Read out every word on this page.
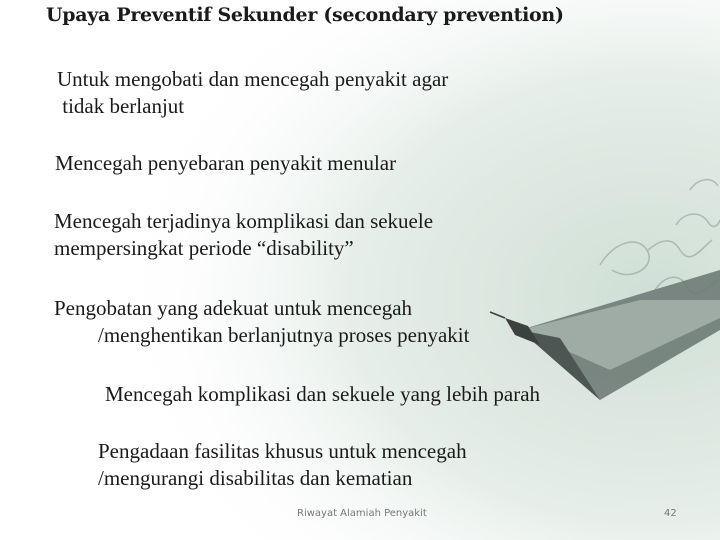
Upaya Preventif Sekunder (secondary prevention)
Untuk mengobati dan mencegah penyakit agar
tidak berlanjut
Mencegah penyebaran penyakit menular
Mencegah terjadinya komplikasi dan sekuele
mempersingkat periode “disability”
Pengobatan yang adekuat untuk mencegah
/menghentikan berlanjutnya proses penyakit
Mencegah komplikasi dan sekuele yang lebih parah
Pengadaan fasilitas khusus untuk mencegah
/mengurangi disabilitas dan kematian
Riwayat Alamiah Penyakit	42
